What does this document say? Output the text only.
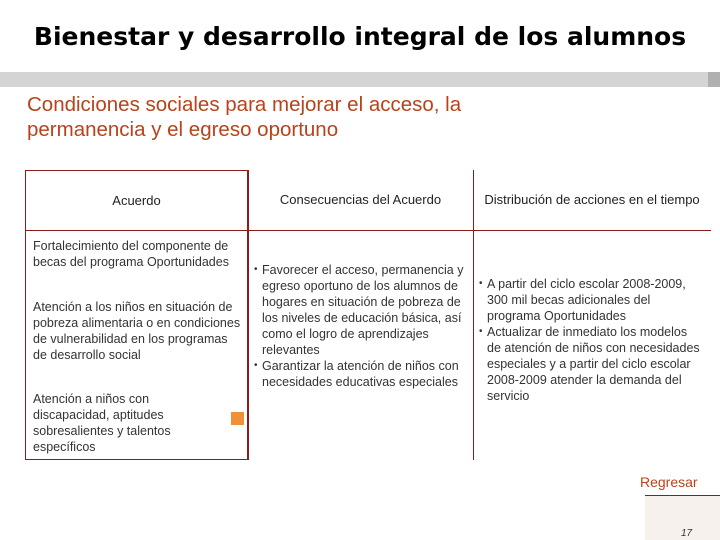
Bienestar y desarrollo integral de los alumnos
Condiciones sociales para mejorar el acceso, la
permanencia y el egreso oportuno
Acuerdo
Fortalecimiento del componente de becas del programa Oportunidades
Atención a los niños en situación de pobreza alimentaria o en condiciones de vulnerabilidad en los programas de desarrollo social
Atención a niños con discapacidad, aptitudes sobresalientes y talentos específicos
Consecuencias del Acuerdo
• Favorecer el acceso, permanencia y egreso oportuno de los alumnos de hogares en situación de pobreza de los niveles de educación básica, así como el logro de aprendizajes relevantes
• Garantizar la atención de niños con necesidades educativas especiales
Distribución de acciones en el tiempo
• A partir del ciclo escolar 2008-2009, 300 mil becas adicionales del programa Oportunidades
• Actualizar de inmediato los modelos de atención de niños con necesidades especiales y a partir del ciclo escolar 2008-2009 atender la demanda del servicio
Regresar
17
